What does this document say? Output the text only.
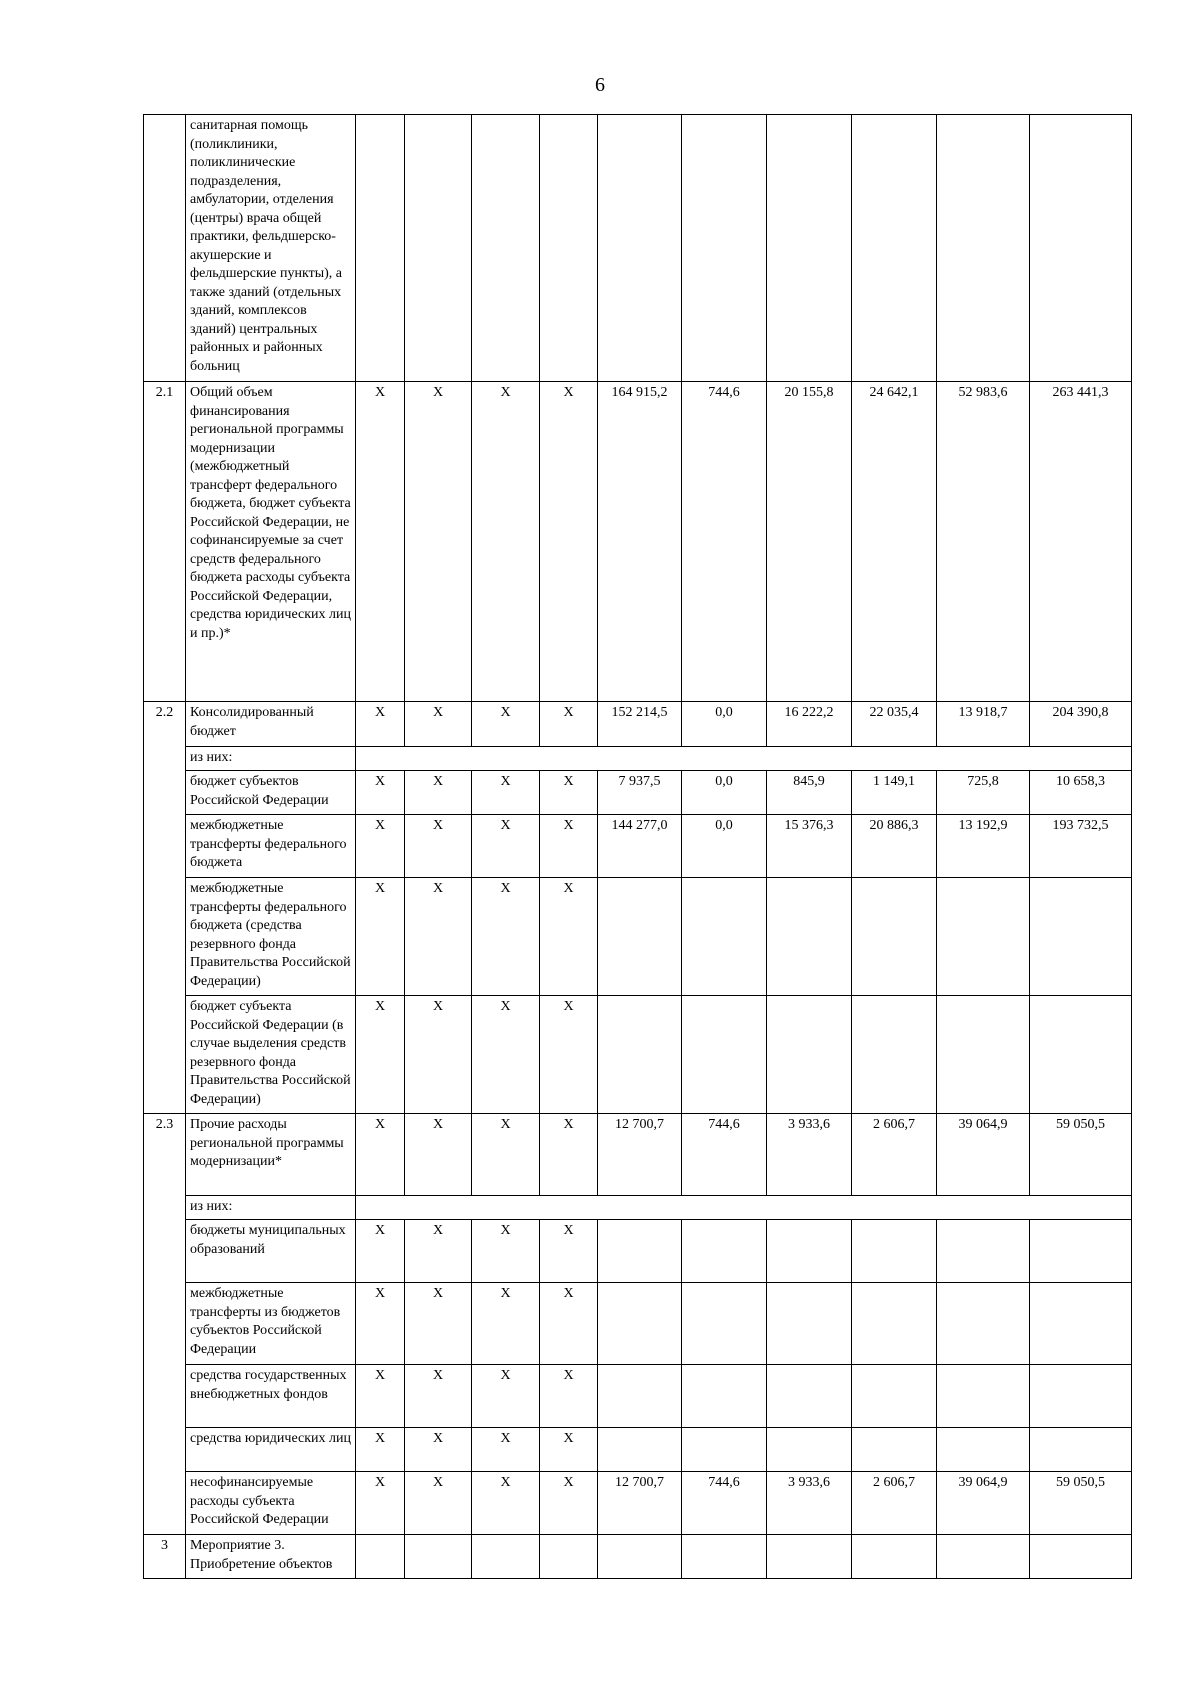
6
	санитарная помощь (поликлиники, поликлинические подразделения, амбулатории, отделения (центры) врача общей практики, фельдшерско-акушерские и фельдшерские пункты), а также зданий (отдельных зданий, комплексов зданий) центральных районных и районных больниц										
2.1	Общий объем финансирования региональной программы модернизации (межбюджетный трансферт федерального бюджета, бюджет субъекта Российской Федерации, не софинансируемые за счет средств федерального бюджета расходы субъекта Российской Федерации, средства юридических лиц и пр.)*	Х	Х	Х	Х	164 915,2	744,6	20 155,8	24 642,1	52 983,6	263 441,3
2.2	Консолидированный бюджет	Х	Х	Х	Х	152 214,5	0,0	16 222,2	22 035,4	13 918,7	204 390,8
	из них:										
	бюджет субъектов Российской Федерации	Х	Х	Х	Х	7 937,5	0,0	845,9	1 149,1	725,8	10 658,3
	межбюджетные трансферты федерального бюджета	Х	Х	Х	Х	144 277,0	0,0	15 376,3	20 886,3	13 192,9	193 732,5
	межбюджетные трансферты федерального бюджета (средства резервного фонда Правительства Российской Федерации)	Х	Х	Х	Х						
	бюджет субъекта Российской Федерации (в случае выделения средств резервного фонда Правительства Российской Федерации)	Х	Х	Х	Х						
2.3	Прочие расходы региональной программы модернизации*	Х	Х	Х	Х	12 700,7	744,6	3 933,6	2 606,7	39 064,9	59 050,5
	из них:										
	бюджеты муниципальных образований	Х	Х	Х	Х						
	межбюджетные трансферты из бюджетов субъектов Российской Федерации	Х	Х	Х	Х						
	средства государственных внебюджетных фондов	Х	Х	Х	Х						
	средства юридических лиц	Х	Х	Х	Х						
	несофинансируемые расходы субъекта Российской Федерации	Х	Х	Х	Х	12 700,7	744,6	3 933,6	2 606,7	39 064,9	59 050,5
3	Мероприятие 3. Приобретение объектов										
